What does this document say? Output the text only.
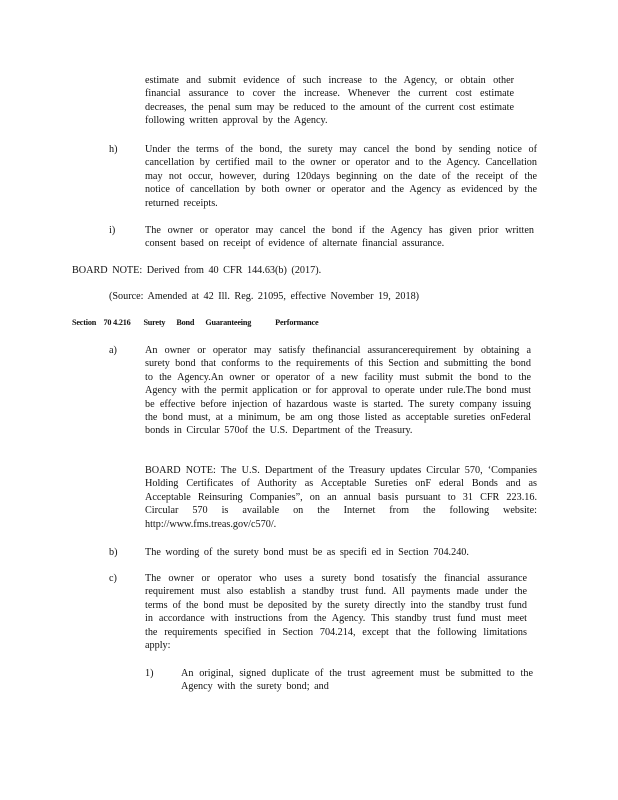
estimate and submit evidence of such increase to the Agency, or obtain other financial assurance to cover the increase. Whenever the current cost estimate decreases, the penal sum may be reduced to the amount of the current cost estimate following written approval by the Agency.

h)	Under the terms of the bond, the surety may cancel the bond by sending notice of cancellation by certified mail to the owner or operator and to the Agency. Cancellation may not occur, however, during 120days beginning on the date of the receipt of the notice of cancellation by both owner or operator and the Agency as evidenced by the returned receipts.

i)	The owner or operator may cancel the bond if the Agency has given prior written consent based on receipt of evidence of alternate financial assurance.

BOARD NOTE: Derived from 40 CFR 144.63(b) (2017).

(Source: Amended at 42 Ill. Reg. 21095, effective November 19, 2018)

Section    70 4.216       Surety      Bond      Guaranteeing             Performance

a)	An owner or operator may satisfy thefinancial assurancerequirement by obtaining a surety bond that conforms to the requirements of this Section and submitting the bond to the Agency.An owner or operator of a new facility must submit the bond to the Agency with the permit application or for approval to operate under rule.The bond must be effective before injection of hazardous waste is started. The surety company issuing the bond must, at a minimum, be am ong those listed as acceptable sureties onFederal bonds in Circular 570of the U.S. Department of the Treasury.

BOARD NOTE: The U.S. Department of the Treasury updates Circular 570, ‘Companies Holding Certificates of Authority as Acceptable Sureties onF ederal Bonds and as Acceptable Reinsuring Companies”, on an annual basis pursuant to 31 CFR 223.16. Circular 570 is available on the Internet from the following website: http://www.fms.treas.gov/c570/.

b)	The wording of the surety bond must be as specifi ed in Section 704.240.

c)	The owner or operator who uses a surety bond tosatisfy the financial assurance requirement must also establish a standby trust fund. All payments made under the terms of the bond must be deposited by the surety directly into the standby trust fund in accordance with instructions from the Agency. This standby trust fund must meet the requirements specified in Section 704.214, except that the following limitations apply:

1)	An original, signed duplicate of the trust agreement must be submitted to the Agency with the surety bond; and
